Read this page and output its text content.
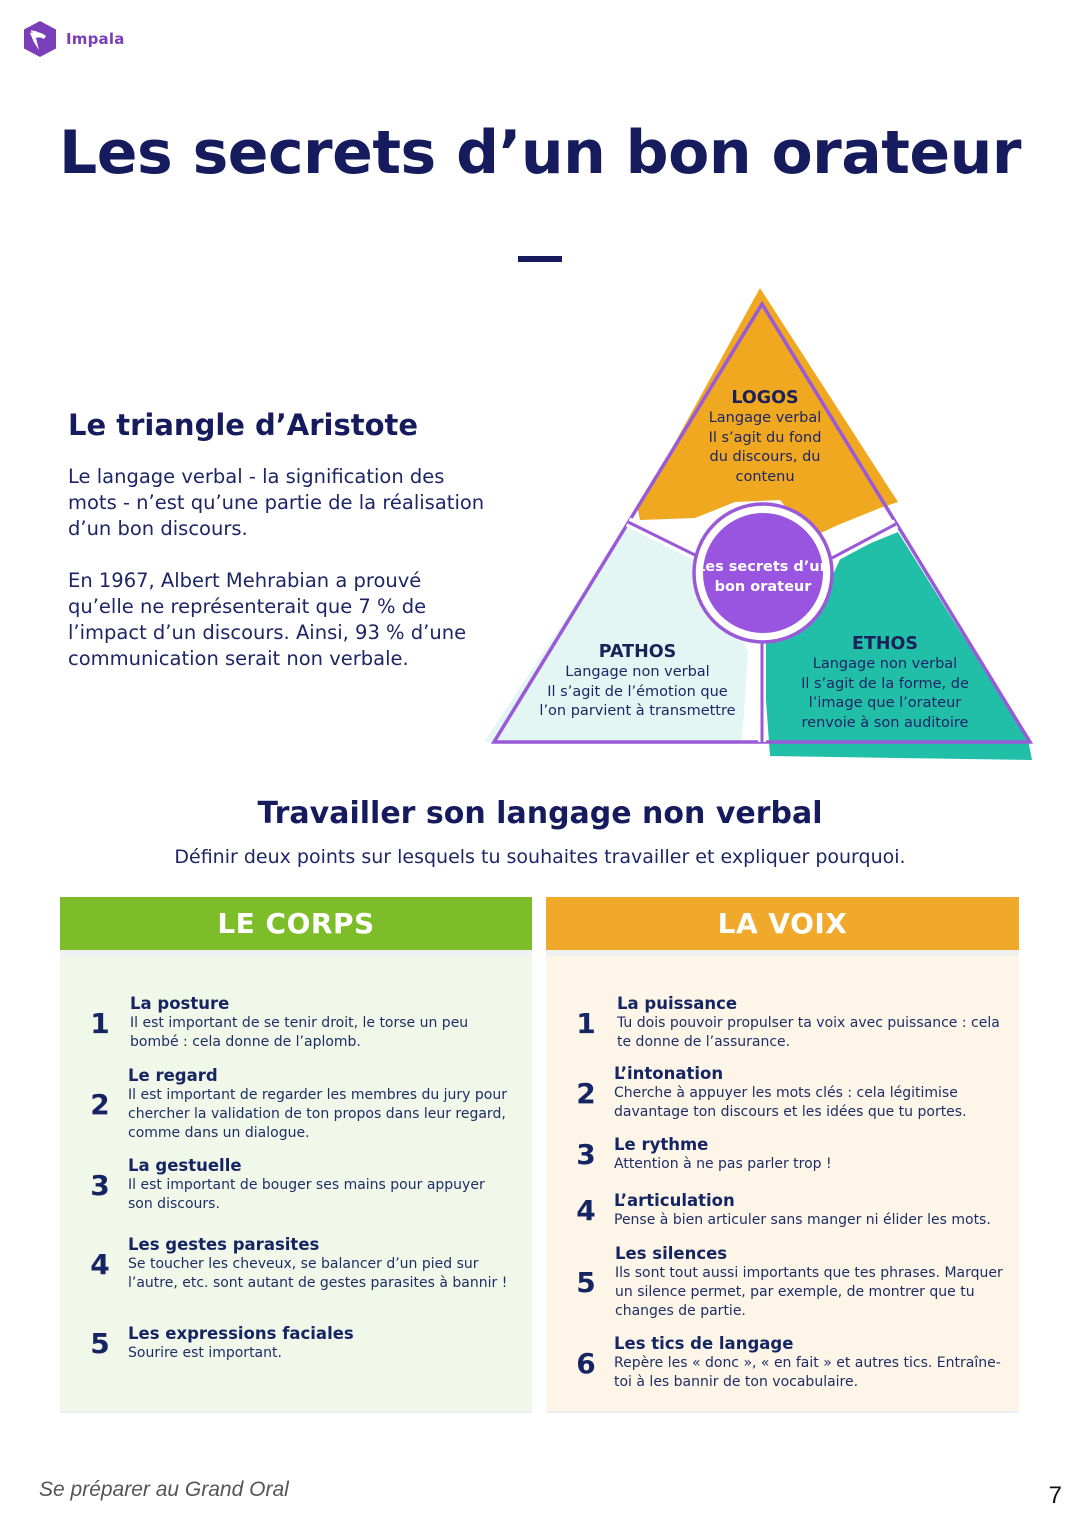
Impala
Les secrets d’un bon orateur
Le triangle d’Aristote

Le langage verbal - la signification des mots - n’est qu’une partie de la réalisation d’un bon discours.

En 1967, Albert Mehrabian a prouvé qu’elle ne représenterait que 7 % de l’impact d’un discours. Ainsi, 93 % d’une communication serait non verbale.

LOGOS
Langage verbal
Il s’agit du fond
du discours, du
contenu
Les secrets d’un bon orateur
PATHOS
Langage non verbal
Il s’agit de l’émotion que
l’on parvient à transmettre
ETHOS
Langage non verbal
Il s’agit de la forme, de
l’image que l’orateur
renvoie à son auditoire
Travailler son langage non verbal

Définir deux points sur lesquels tu souhaites travailler et expliquer pourquoi.

LE CORPS
1
La posture
Il est important de se tenir droit, le torse un peu bombé : cela donne de l’aplomb.
2
Le regard
Il est important de regarder les membres du jury pour chercher la validation de ton propos dans leur regard, comme dans un dialogue.
3
La gestuelle
Il est important de bouger ses mains pour appuyer son discours.
4
Les gestes parasites
Se toucher les cheveux, se balancer d’un pied sur l’autre, etc. sont autant de gestes parasites à bannir !
5	Les expressions faciales
Sourire est important.
LA VOIX
1
La puissance
Tu dois pouvoir propulser ta voix avec puissance : cela te donne de l’assurance.
2
L’intonation
Cherche à appuyer les mots clés : cela légitimise davantage ton discours et les idées que tu portes.
3	Le rythme
Attention à ne pas parler trop !
4	L’articulation
Pense à bien articuler sans manger ni élider les mots.
5
Les silences
Ils sont tout aussi importants que tes phrases. Marquer un silence permet, par exemple, de montrer que tu changes de partie.
6
Les tics de langage
Repère les « donc », « en fait » et autres tics. Entraîne-toi à les bannir de ton vocabulaire.
Se préparer au Grand Oral	7
